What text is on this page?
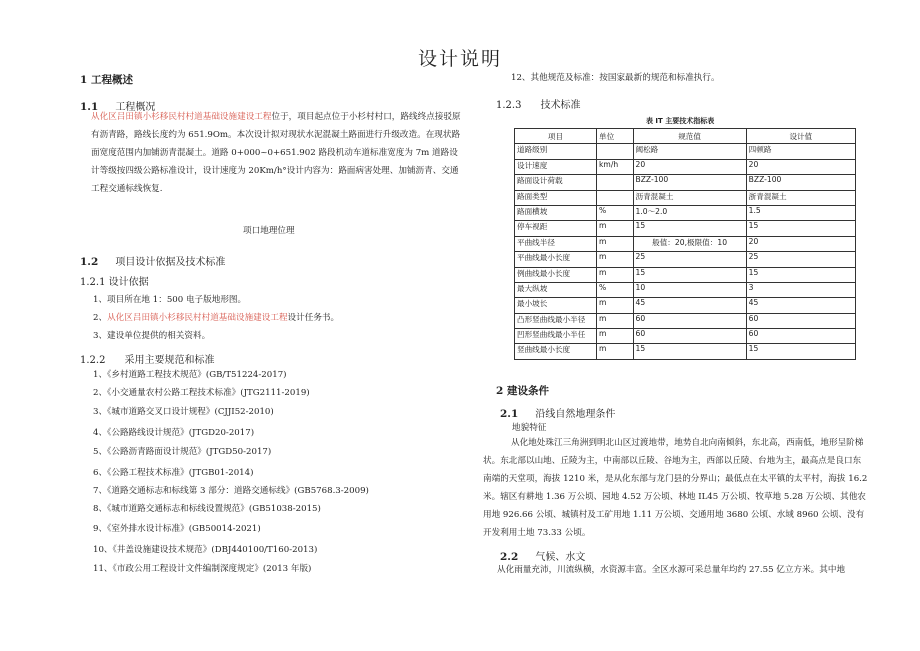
设计说明
1 工程概述
1.1 工程概况
从化区吕田镇小杉移民村村道基础设施建设工程位于，项目起点位于小杉村村口，路线终点接驳原有沥青路，路线长度约为 651.9Om。本次设计拟对现状水泥混凝土路面进行升级改造。在现状路面宽度范围内加铺沥青混凝土。道路 0+000~0+651.902 路段机动车道标准宽度为 7m 道路设计等级按四级公路标准设计，设计速度为 20Km/h°设计内容为：路面病害处理、加铺沥青、交通工程交通标线恢复.
项口地理位理
1.2 项目设计依据及技术标准
1.2.1 设计依据
1、项目所在地 1：500 电子版地形图。
2、从化区吕田镇小杉移民村村道基础设施建设工程设计任务书。
3、建设单位提供的相关资料。
1.2.2 采用主要规范和标准
1、《乡村道路工程技术规范》(GB/T51224-2017)
2、《小交通量农村公路工程技术标准》(JTG2111-2019)
3、《城市道路交叉口设计规程》(CJJI52-2010)
4、《公路路线设计规范》(JTGD20-2017)
5、《公路沥青路面设计规范》(JTGD50-2017)
6、《公路工程技术标准》(JTGB01-2014)
7、《道路交通标志和标线第 3 部分：道路交通标线》(GB5768.3-2009)
8、《城市道路交通标志和标线设置规范》(GB51038-2015)
9、《室外排水设计标准》(GB50014-2021)
10、《井盖设施建设技术规范》(DBJ440100/T160-2013)
11、《市政公用工程设计文件编制深度规定》(2013 年版)
12、其他规范及标准：按国家最新的规范和标准执行。
1.2.3 技术标准
表 IT 主要技术指标表
项目	单位	规范值	设计值
道路级别		阈松路	四顿路
设计速度	km/h	20	20
路面设计荷载		BZZ-100	BZZ-100
路面类型		沥青混凝土	浙青混凝土
路面横坡	%	1.0～2.0	1.5
停车视距	m	15	15
平曲线半径	m	般值：20,极限值：10	20
平曲线最小长度	m	25	25
例曲线最小长度	m	15	15
最大纵坡	%	10	3
最小坡长	m	45	45
凸形竖曲线最小半径	m	60	60
凹形竖曲线最小半任	m	60	60
竖曲线最小长度	m	15	15
2 建设条件
2.1 沿线自然地理条件
地貌特征
从化地处珠江三角洲到明北山区过渡地带，地势自北向南倾斜，东北高，西南低，地形呈阶梯状。东北部以山地、丘陵为主，中南部以丘陵、谷地为主，西部以丘陵、台地为主，最高点是良口东南端的天堂项，海拔 1210 米，是从化东部与龙门县的分界山；最低点在太平镇的太平村，海拔 16.2 米。辖区有耕地 1.36 万公顷、园地 4.52 万公顷、林地 IL45 万公顷、牧草地 5.28 万公顷、其他农用地 926.66 公顷、城镇村及工矿用地 1.11 万公顷、交通用地 3680 公顷、水域 8960 公顷、没有开发利用土地 73.33 公顷。
2.2 气候、水文
从化雨量充沛，川流纵横，水资源丰富。全区水源可采总量年均约 27.55 亿立方米。其中地
